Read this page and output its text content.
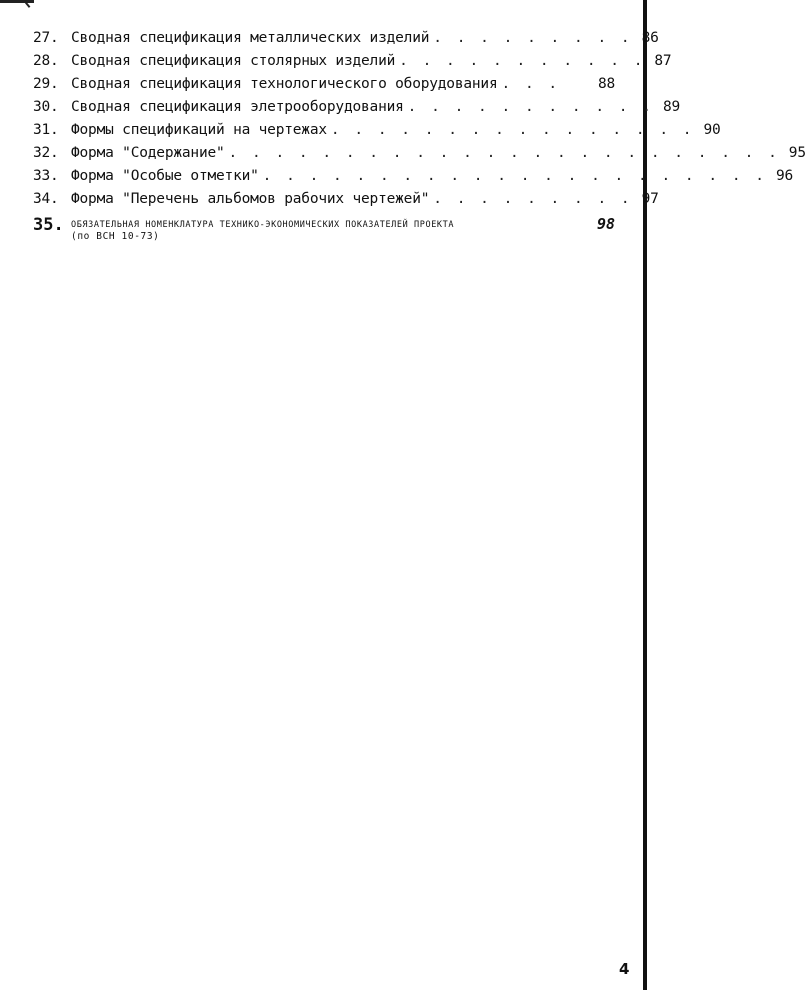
27. Сводная спецификация металлических изделий . . . . . . . . . 86
28. Сводная спецификация столярных изделий . . . . . . . . . . . 87
29. Сводная спецификация технологического оборудования . . .	88
30. Сводная спецификация элетрооборудования . . . . . . . . . . . 89
31. Формы спецификаций на чертежах . . . . . . . . . . . . . . . . 90
32. Форма "Содержание" . . . . . . . . . . . . . . . . . . . . . . . . 95
33. Форма "Особые отметки" . . . . . . . . . . . . . . . . . . . . . . 96
34. Форма "Перечень альбомов рабочих чертежей" . . . . . . . . . 97
35. ОБЯЗАТЕЛЬНАЯ НОМЕНКЛАТУРА ТЕХНИКО-ЭКОНОМИЧЕСКИХ ПОКАЗАТЕЛЕЙ ПРОЕКТА
(по ВСН 10-73)
98
4
